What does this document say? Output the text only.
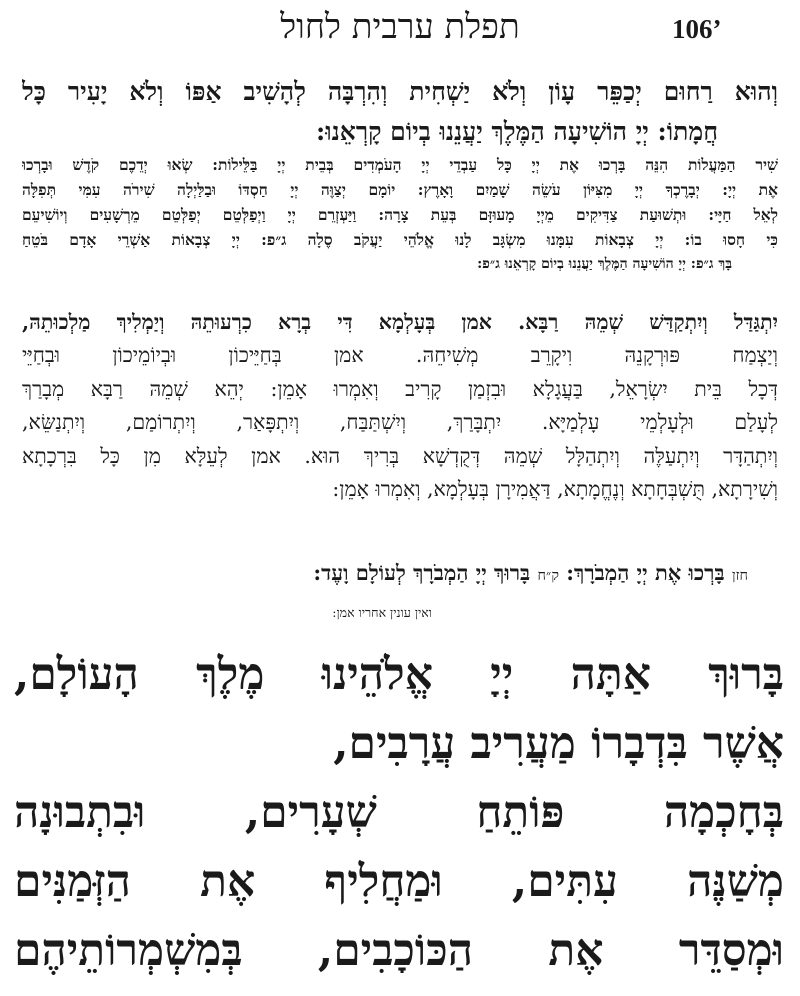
106’
תפלת ערבית לחול
וְהוּא רַחוּם יְכַפֵּר עָוֹן וְלֹא יַשְׁחִית וְהִרְבָּה לְהָשִׁיב אַפּוֹ וְלֹא יָעִיר כָּל
חֲמָתוֹ: יְיָ הוֹשִׁיעָה הַמֶּלֶךְ יַעֲנֵנוּ בְיוֹם קָרְאֵנוּ:
שִׁיר הַמַּעֲלוֹת הִנֵּה בָּרְכוּ אֶת יְיָ כָּל עַבְדֵי יְיָ הָעֹמְדִים בְּבֵית יְיָ בַּלֵּילוֹת: שְׂאוּ יְדֵכֶם קֹדֶשׁ וּבָרְכוּ
אֶת יְיָ: יְבָרֶכְךָ יְיָ מִצִּיּוֹן עֹשֵׂה שָׁמַיִם וָאָרֶץ: יוֹמָם יְצַוֶּה יְיָ חַסְדּוֹ וּבַלַּיְלָה שִׁירֹה עִמִּי תְּפִלָּה
לְאֵל חַיָּי: וּתְשׁוּעַת צַדִּיקִים מֵיְיָ מָעוּזָּם בְּעֵת צָרָה: וַיַּעְזְרֵם יְיָ וַיְפַלְּטֵם יְפַלְּטֵם מֵרְשָׁעִים וְיוֹשִׁיעֵם
כִּי חָסוּ בוֹ: יְיָ צְבָאוֹת עִמָּנוּ מִשְׂגָּב לָנוּ אֱלֹהֵי יַעֲקֹב סֶלָה ג״פ: יְיָ צְבָאוֹת אַשְׁרֵי אָדָם בֹּטֵחַ
בָּךְ ג״פ: יְיָ הוֹשִׁיעָה הַמֶּלֶךְ יַעֲנֵנוּ בְיוֹם קָרְאֵנוּ ג״פ:
יִתְגַּדַּל וְיִתְקַדַּשׁ שְׁמֵהּ רַבָּא. אמן בְּעָלְמָא דִּי בְרָא כִרְעוּתֵהּ וְיַמְלִיךְ מַלְכוּתֵהּ,
וְיַצְמַח פּוּרְקָנֵהּ וִיקָרֵב מְשִׁיחֵהּ. אמן בְּחַיֵּיכוֹן וּבְיוֹמֵיכוֹן וּבְחַיֵּי
דְּכָל בֵּית יִשְׂרָאֵל, בַּעֲגָלָא וּבִזְמַן קָרִיב וְאִמְרוּ אָמֵן: יְהֵא שְׁמֵהּ רַבָּא מְבָרַךְ
לְעָלַם וּלְעָלְמֵי עָלְמַיָּא. יִתְבָּרַךְ, וְיִשְׁתַּבַּח, וְיִתְפָּאַר, וְיִתְרוֹמַם, וְיִתְנַשֵּׂא,
וְיִתְהַדָּר וְיִתְעַלֶּה וְיִתְהַלָּל שְׁמֵהּ דְּקֻדְשָׁא בְּרִיךְ הוּא. אמן לְעֵלָּא מִן כָּל בִּרְכָתָא
וְשִׁירָתָא, תֻּשְׁבְּחָתָא וְנֶחֱמָתָא, דַּאֲמִירָן בְּעָלְמָא, וְאִמְרוּ אָמֵן:
חזן בָּרְכוּ אֶת יְיָ הַמְבֹרָךְ: ק״ח בָּרוּךְ יְיָ הַמְבֹרָךְ לְעוֹלָם וָעֶד:
ואין עונין אחריו אמן:
בָּרוּךְ אַתָּה יְיָ אֱלֹהֵינוּ מֶלֶךְ הָעוֹלָם,
אֲשֶׁר בִּדְבָרוֹ מַעֲרִיב עֲרָבִים,
בְּחָכְמָה פּוֹתֵחַ שְׁעָרִים, וּבִתְבוּנָה
מְשַׁנֶּה עִתִּים, וּמַחֲלִיף אֶת הַזְּמַנִּים
וּמְסַדֵּר אֶת הַכּוֹכָבִים, בְּמִשְׁמְרוֹתֵיהֶם
